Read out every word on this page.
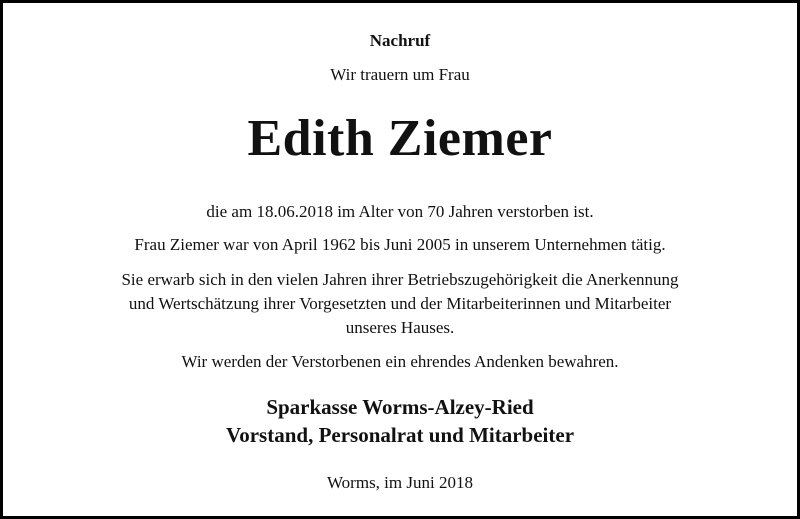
Nachruf
Wir trauern um Frau
Edith Ziemer
die am 18.06.2018 im Alter von 70 Jahren verstorben ist.
Frau Ziemer war von April 1962 bis Juni 2005 in unserem Unternehmen tätig.
Sie erwarb sich in den vielen Jahren ihrer Betriebszugehörigkeit die Anerkennung
und Wertschätzung ihrer Vorgesetzten und der Mitarbeiterinnen und Mitarbeiter
unseres Hauses.
Wir werden der Verstorbenen ein ehrendes Andenken bewahren.
Sparkasse Worms-Alzey-Ried
Vorstand, Personalrat und Mitarbeiter
Worms, im Juni 2018
